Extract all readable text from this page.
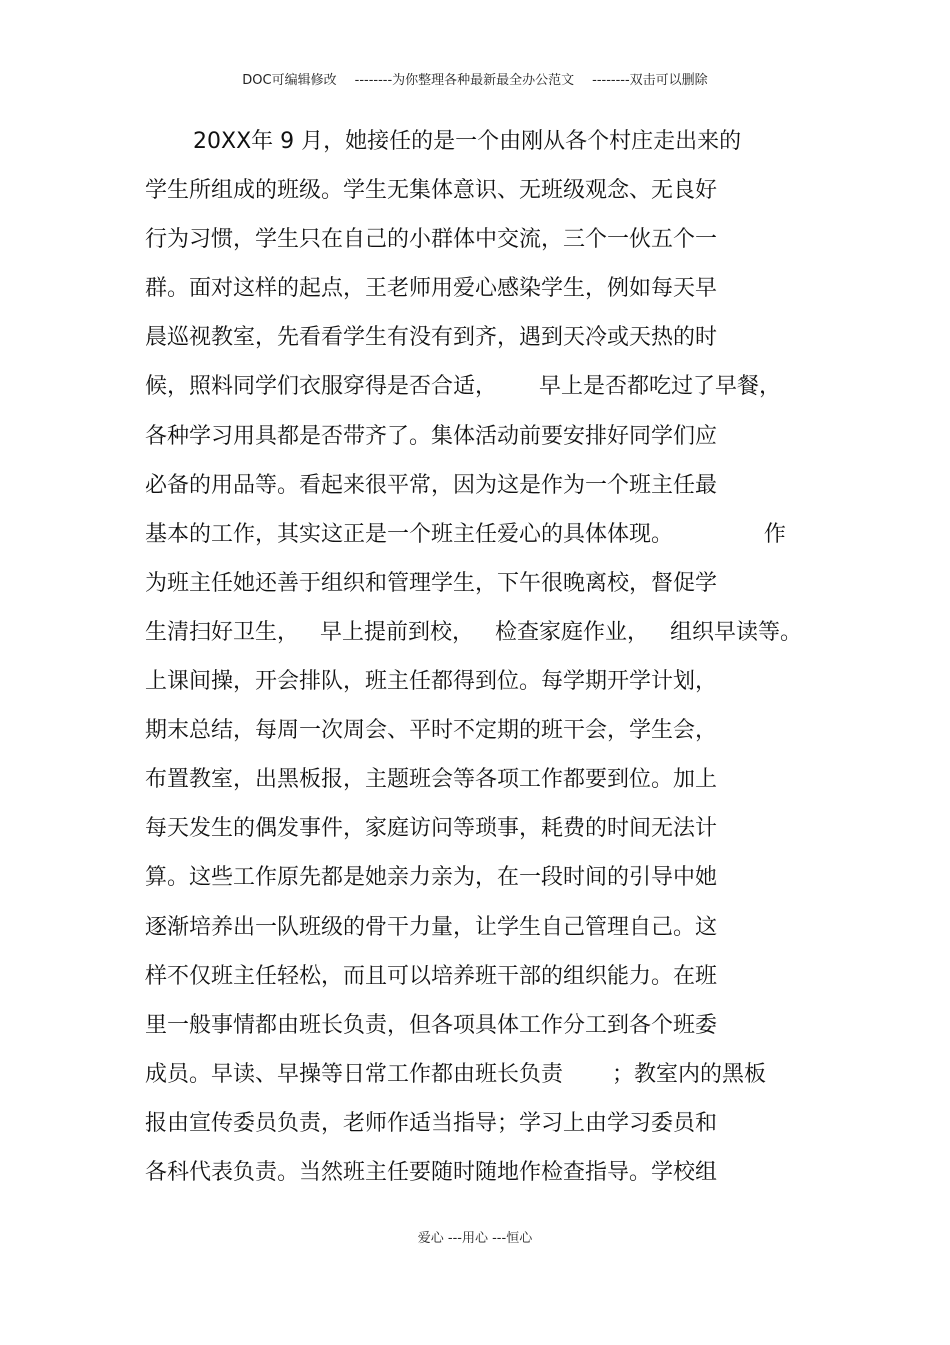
DOC可编辑修改 --------为你整理各种最新最全办公范文 --------双击可以删除
20XX年 9 月，她接任的是一个由刚从各个村庄走出来的
学生所组成的班级。学生无集体意识、无班级观念、无良好
行为习惯，学生只在自己的小群体中交流，三个一伙五个一
群。面对这样的起点，王老师用爱心感染学生，例如每天早
晨巡视教室，先看看学生有没有到齐，遇到天冷或天热的时
候，照料同学们衣服穿得是否合适，      早上是否都吃过了早餐，
各种学习用具都是否带齐了。集体活动前要安排好同学们应
必备的用品等。看起来很平常，因为这是作为一个班主任最
基本的工作，其实这正是一个班主任爱心的具体体现。             作
为班主任她还善于组织和管理学生，下午很晚离校，督促学
生清扫好卫生，   早上提前到校，   检查家庭作业，   组织早读等。
上课间操，开会排队，班主任都得到位。每学期开学计划，
期末总结，每周一次周会、平时不定期的班干会，学生会，
布置教室，出黑板报，主题班会等各项工作都要到位。加上
每天发生的偶发事件，家庭访问等琐事，耗费的时间无法计
算。这些工作原先都是她亲力亲为，在一段时间的引导中她
逐渐培养出一队班级的骨干力量，让学生自己管理自己。这
样不仅班主任轻松，而且可以培养班干部的组织能力。在班
里一般事情都由班长负责，但各项具体工作分工到各个班委
成员。早读、早操等日常工作都由班长负责       ；教室内的黑板
报由宣传委员负责，老师作适当指导；学习上由学习委员和
各科代表负责。当然班主任要随时随地作检查指导。学校组
爱心 ---用心 ---恒心
